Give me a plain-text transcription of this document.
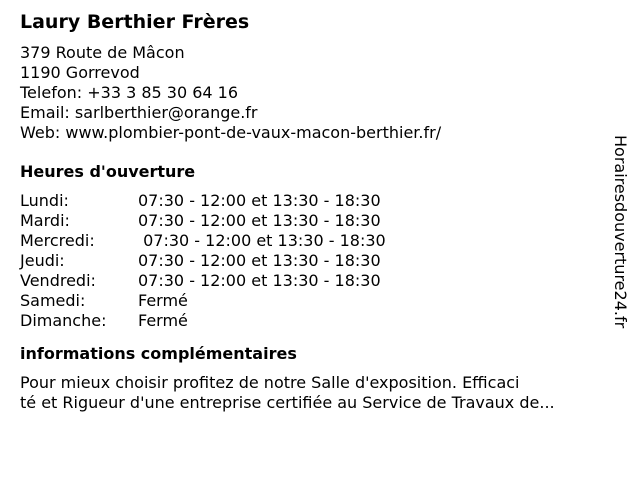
Laury Berthier Frères
379 Route de Mâcon
1190 Gorrevod
Telefon: +33 3 85 30 64 16
Email: sarlberthier@orange.fr
Web: www.plombier-pont-de-vaux-macon-berthier.fr/
Heures d'ouverture
Lundi:	07:30 - 12:00 et 13:30 - 18:30
Mardi:	07:30 - 12:00 et 13:30 - 18:30
Mercredi:	07:30 - 12:00 et 13:30 - 18:30
Jeudi:	07:30 - 12:00 et 13:30 - 18:30
Vendredi:	07:30 - 12:00 et 13:30 - 18:30
Samedi:	Fermé
Dimanche:	Fermé
informations complémentaires
Pour mieux choisir profitez de notre Salle d'exposition. Efficaci
té et Rigueur d'une entreprise certifiée au Service de Travaux de...
Horairesdouverture24.fr
